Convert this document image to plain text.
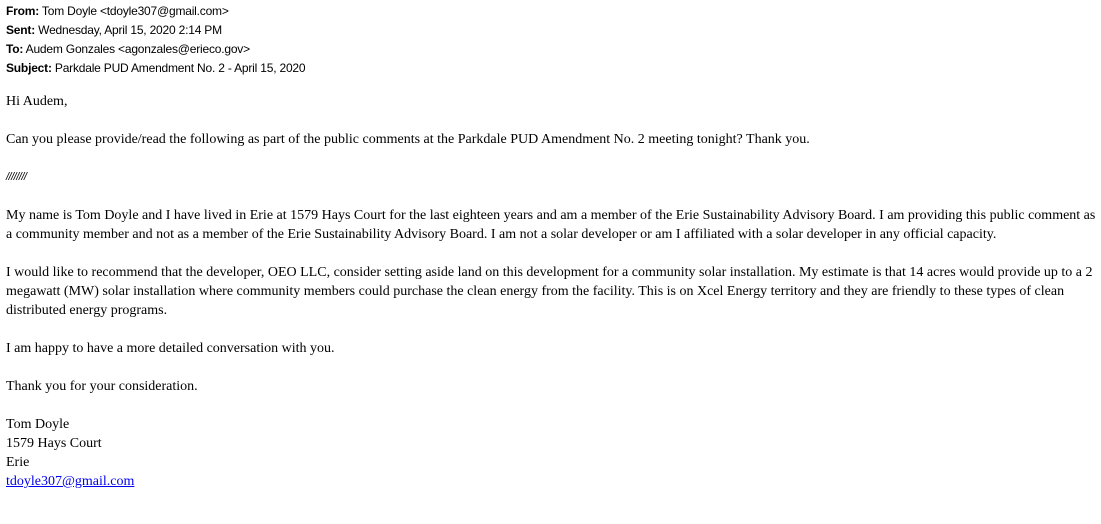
From: Tom Doyle <tdoyle307@gmail.com>
Sent: Wednesday, April 15, 2020 2:14 PM
To: Audem Gonzales <agonzales@erieco.gov>
Subject: Parkdale PUD Amendment No. 2 - April 15, 2020

Hi Audem,

Can you please provide/read the following as part of the public comments at the Parkdale PUD Amendment No. 2 meeting tonight? Thank you.

////////

My name is Tom Doyle and I have lived in Erie at 1579 Hays Court for the last eighteen years and am a member of the Erie Sustainability Advisory Board. I am providing this public comment as a community member and not as a member of the Erie Sustainability Advisory Board. I am not a solar developer or am I affiliated with a solar developer in any official capacity.

I would like to recommend that the developer, OEO LLC, consider setting aside land on this development for a community solar installation. My estimate is that 14 acres would provide up to a 2 megawatt (MW) solar installation where community members could purchase the clean energy from the facility. This is on Xcel Energy territory and they are friendly to these types of clean distributed energy programs.

I am happy to have a more detailed conversation with you.

Thank you for your consideration.

Tom Doyle
1579 Hays Court
Erie
tdoyle307@gmail.com
